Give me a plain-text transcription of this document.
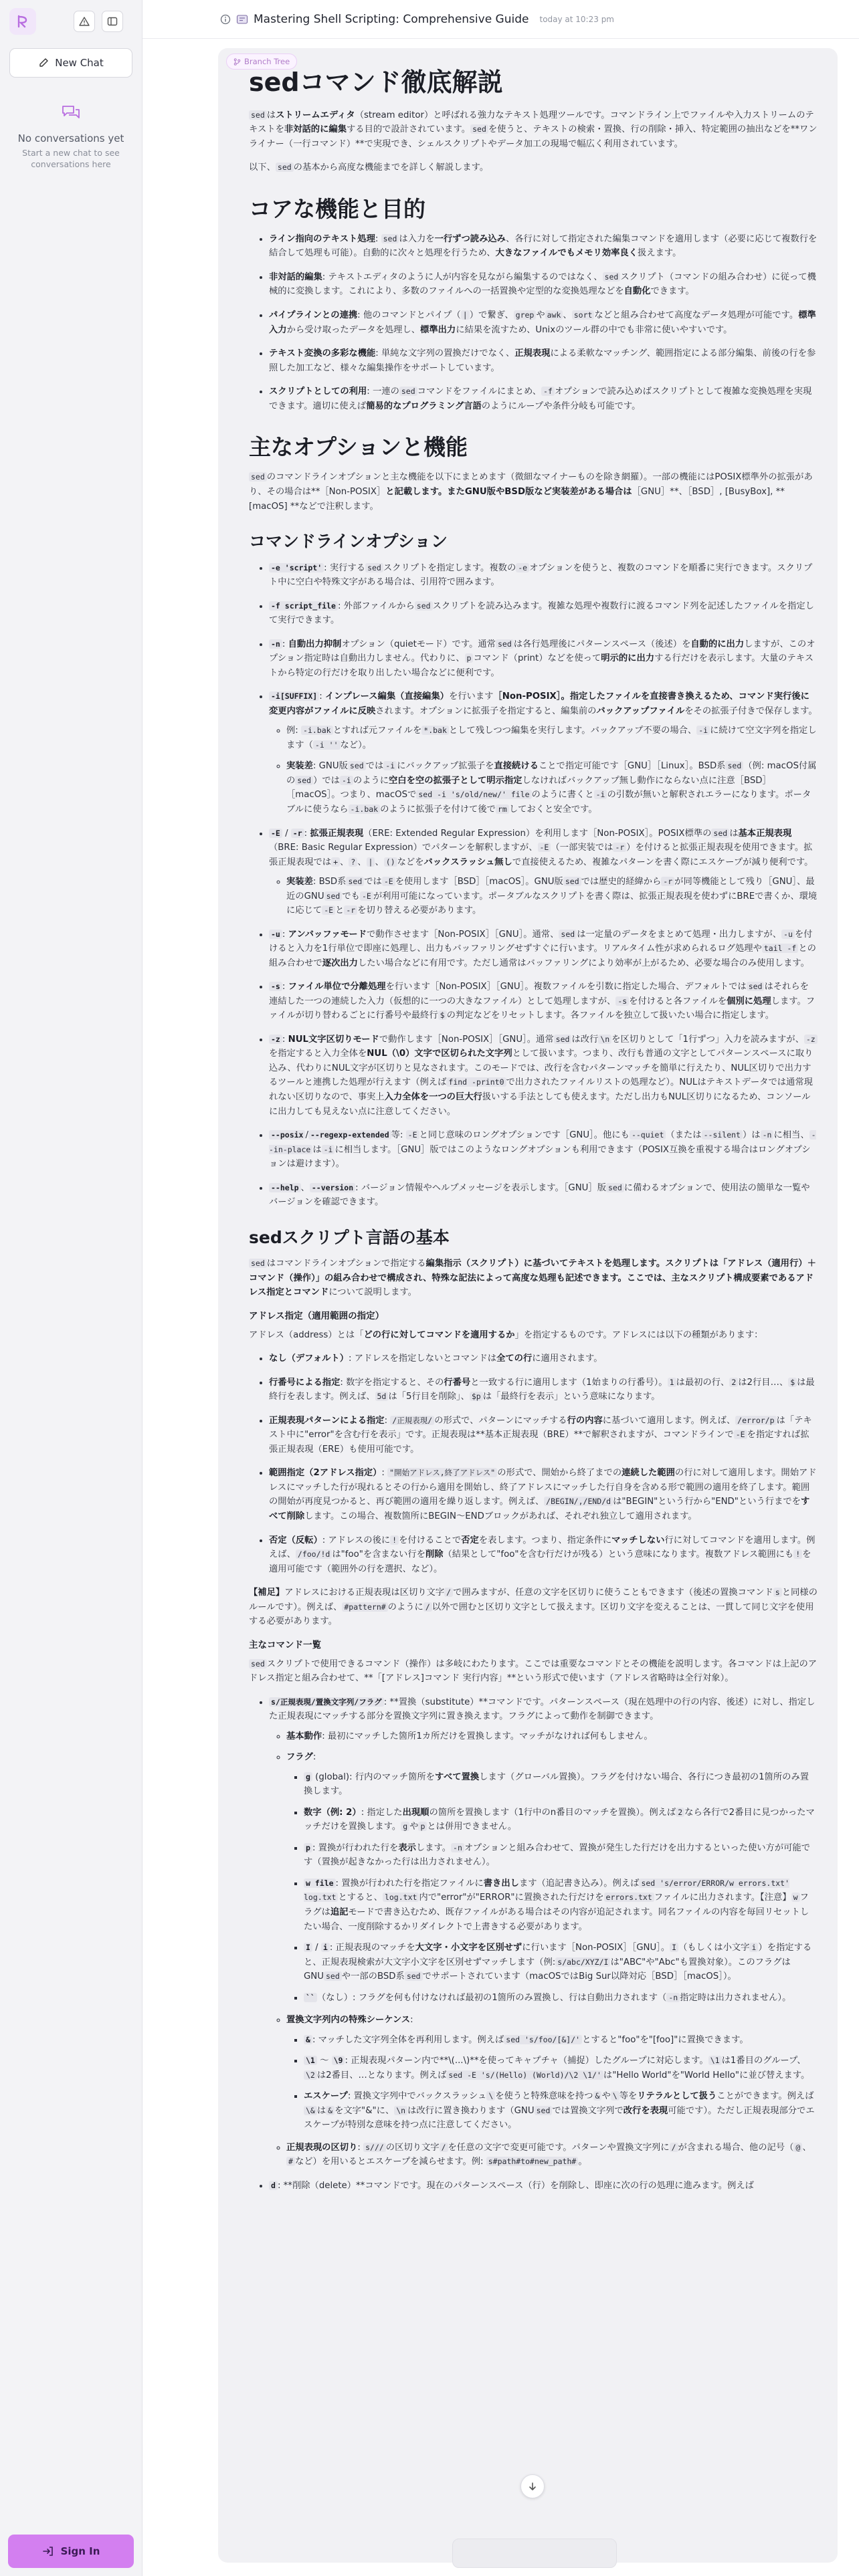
New Chat
No conversations yet
Start a new chat to see conversations here
Sign In
Mastering Shell Scripting: Comprehensive Guide today at 10:23 pm
Branch Tree
sedコマンド徹底解説

sed はストリームエディタ（stream editor）と呼ばれる強力なテキスト処理ツールです。コマンドライン上でファイルや入力ストリームのテキストを非対話的に編集する目的で設計されています。 sed を使うと、テキストの検索・置換、行の削除・挿入、特定範囲の抽出などを**ワンライナー（一行コマンド）**で実現でき、シェルスクリプトやデータ加工の現場で幅広く利用されています。

以下、 sed の基本から高度な機能までを詳しく解説します。

コアな機能と目的
• ライン指向のテキスト処理: sed は入力を一行ずつ読み込み、各行に対して指定された編集コマンドを適用します（必要に応じて複数行を結合して処理も可能）。自動的に次々と処理を行うため、大きなファイルでもメモリ効率良く扱えます。
• 非対話的編集: テキストエディタのように人が内容を見ながら編集するのではなく、 sed スクリプト（コマンドの組み合わせ）に従って機械的に変換します。これにより、多数のファイルへの一括置換や定型的な変換処理などを自動化できます。
• パイプラインとの連携: 他のコマンドとパイプ（ | ）で繋ぎ、 grep や awk 、 sort などと組み合わせて高度なデータ処理が可能です。標準入力から受け取ったデータを処理し、標準出力に結果を流すため、Unixのツール群の中でも非常に使いやすいです。
• テキスト変換の多彩な機能: 単純な文字列の置換だけでなく、正規表現による柔軟なマッチング、範囲指定による部分編集、前後の行を参照した加工など、様々な編集操作をサポートしています。
• スクリプトとしての利用: 一連の sed コマンドをファイルにまとめ、 -f オプションで読み込めばスクリプトとして複雑な変換処理を実現できます。適切に使えば簡易的なプログラミング言語のようにループや条件分岐も可能です。
主なオプションと機能

sed のコマンドラインオプションと主な機能を以下にまとめます（微細なマイナーものを除き網羅）。一部の機能にはPOSIX標準外の拡張があり、その場合は**［Non-POSIX］と記載します。またGNU版やBSD版など実装差がある場合は［GNU］**、［BSD］, [BusyBox], ** [macOS] **などで注釈します。

コマンドラインオプション
• -e 'script' : 実行する sed スクリプトを指定します。複数の -e オプションを使うと、複数のコマンドを順番に実行できます。スクリプト中に空白や特殊文字がある場合は、引用符で囲みます。
• -f script_file : 外部ファイルから sed スクリプトを読み込みます。複雑な処理や複数行に渡るコマンド列を記述したファイルを指定して実行できます。
• -n : 自動出力抑制オプション（quietモード）です。通常 sed は各行処理後にパターンスペース（後述）を自動的に出力しますが、このオプション指定時は自動出力しません。代わりに、 p コマンド（print）などを使って明示的に出力する行だけを表示します。大量のテキストから特定の行だけを取り出したい場合などに便利です。
• -i[SUFFIX] : インプレース編集（直接編集）を行います［Non-POSIX］。指定したファイルを直接書き換えるため、コマンド実行後に変更内容がファイルに反映されます。オプションに拡張子を指定すると、編集前のバックアップファイルをその拡張子付きで保存します。
◦ 例: -i.bak とすれば元ファイルを *.bak として残しつつ編集を実行します。バックアップ不要の場合、 -i に続けて空文字列を指定します（ -i '' など）。
◦ 実装差: GNU版 sed では -i にバックアップ拡張子を直接続けることで指定可能です［GNU］［Linux］。BSD系 sed （例: macOS付属の sed ）では -i のように空白を空の拡張子として明示指定しなければバックアップ無し動作にならない点に注意［BSD］［macOS］。つまり、macOSで sed -i 's/old/new/' file のように書くと -i の引数が無いと解釈されエラーになります。ポータブルに使うなら -i.bak のように拡張子を付けて後で rm しておくと安全です。
• -E / -r : 拡張正規表現（ERE: Extended Regular Expression）を利用します［Non-POSIX］。POSIX標準の sed は基本正規表現（BRE: Basic Regular Expression）でパターンを解釈しますが、 -E （一部実装では -r ）を付けると拡張正規表現を使用できます。拡張正規表現では + 、 ? 、 | 、 () などをバックスラッシュ無しで直接使えるため、複雑なパターンを書く際にエスケープが減り便利です。
◦ 実装差: BSD系 sed では -E を使用します［BSD］［macOS］。GNU版 sed では歴史的経緯から -r が同等機能として残り［GNU］、最近のGNU sed でも -E が利用可能になっています。ポータブルなスクリプトを書く際は、拡張正規表現を使わずにBREで書くか、環境に応じて -E と -r を切り替える必要があります。
• -u : アンバッファモードで動作させます［Non-POSIX］［GNU］。通常、 sed は一定量のデータをまとめて処理・出力しますが、 -u を付けると入力を1行単位で即座に処理し、出力もバッファリングせずすぐに行います。リアルタイム性が求められるログ処理や tail -f との組み合わせで逐次出力したい場合などに有用です。ただし通常はバッファリングにより効率が上がるため、必要な場合のみ使用します。
• -s : ファイル単位で分離処理を行います［Non-POSIX］［GNU］。複数ファイルを引数に指定した場合、デフォルトでは sed はそれらを連結した一つの連続した入力（仮想的に一つの大きなファイル）として処理しますが、 -s を付けると各ファイルを個別に処理します。ファイルが切り替わるごとに行番号や最終行 $ の判定などをリセットします。各ファイルを独立して扱いたい場合に指定します。
• -z : NUL文字区切りモードで動作します［Non-POSIX］［GNU］。通常 sed は改行 \n を区切りとして「1行ずつ」入力を読みますが、 -zを指定すると入力全体をNUL（\0）文字で区切られた文字列として扱います。つまり、改行も普通の文字としてパターンスペースに取り込み、代わりにNUL文字が区切りと見なされます。このモードでは、改行を含むパターンマッチを簡単に行えたり、NUL区切りで出力するツールと連携した処理が行えます（例えば find -print0 で出力されたファイルリストの処理など）。NULはテキストデータでは通常現れない区切りなので、事実上入力全体を一つの巨大行扱いする手法としても使えます。ただし出力もNUL区切りになるため、コンソールに出力しても見えない点に注意してください。
• --posix / --regexp-extended 等: -E と同じ意味のロングオプションです［GNU］。他にも --quiet （または --silent ）は -n に相当、 --in-place は -i に相当します。［GNU］版ではこのようなロングオプションも利用できます（POSIX互換を重視する場合はロングオプションは避けます）。
• --help 、 --version : バージョン情報やヘルプメッセージを表示します。［GNU］版 sed に備わるオプションで、使用法の簡単な一覧やバージョンを確認できます。
sedスクリプト言語の基本

sed はコマンドラインオプションで指定する編集指示（スクリプト）に基づいてテキストを処理します。スクリプトは「アドレス（適用行）＋コマンド（操作）」の組み合わせで構成され、特殊な記法によって高度な処理も記述できます。ここでは、主なスクリプト構成要素であるアドレス指定とコマンドについて説明します。

アドレス指定（適用範囲の指定）

アドレス（address）とは「どの行に対してコマンドを適用するか」を指定するものです。アドレスには以下の種類があります：

• なし（デフォルト）: アドレスを指定しないとコマンドは全ての行に適用されます。
• 行番号による指定: 数字を指定すると、その行番号と一致する行に適用します（1始まりの行番号）。 1 は最初の行、 2 は2行目…、 $ は最終行を表します。例えば、 5d は「5行目を削除」、 $p は「最終行を表示」という意味になります。
• 正規表現パターンによる指定: /正規表現/ の形式で、パターンにマッチする行の内容に基づいて適用します。例えば、 /error/p は「テキスト中に"error"を含む行を表示」です。正規表現は**基本正規表現（BRE）**で解釈されますが、コマンドラインで -E を指定すれば拡張正規表現（ERE）も使用可能です。
• 範囲指定（2アドレス指定）: "開始アドレス,終了アドレス" の形式で、開始から終了までの連続した範囲の行に対して適用します。開始アドレスにマッチした行が現れるとその行から適用を開始し、終了アドレスにマッチした行自身を含める形で範囲の適用を終了します。範囲の開始が再度見つかると、再び範囲の適用を繰り返します。例えば、 /BEGIN/,/END/d は"BEGIN"という行から"END"という行までをすべて削除します。この場合、複数箇所にBEGIN〜ENDブロックがあれば、それぞれ独立して適用されます。
• 否定（反転）: アドレスの後に ! を付けることで否定を表します。つまり、指定条件にマッチしない行に対してコマンドを適用します。例えば、 /foo/!d は"foo"を含まない行を削除（結果として"foo"を含む行だけが残る）という意味になります。複数アドレス範囲にも ! を適用可能です（範囲外の行を選択、など）。

【補足】アドレスにおける正規表現は区切り文字 / で囲みますが、任意の文字を区切りに使うこともできます（後述の置換コマンド s と同様のルールです）。例えば、 #pattern# のように / 以外で囲むと区切り文字として扱えます。区切り文字を変えることは、一貫して同じ文字を使用する必要があります。

主なコマンド一覧

sed スクリプトで使用できるコマンド（操作）は多岐にわたります。ここでは重要なコマンドとその機能を説明します。各コマンドは上記のアドレス指定と組み合わせて、**「[アドレス]コマンド 実行内容」**という形式で使います（アドレス省略時は全行対象）。

• s/正規表現/置換文字列/フラグ : **置換（substitute）**コマンドです。パターンスペース（現在処理中の行の内容、後述）に対し、指定した正規表現にマッチする部分を置換文字列に置き換えます。フラグによって動作を制御できます。
◦ 基本動作: 最初にマッチした箇所1カ所だけを置換します。マッチがなければ何もしません。
◦ フラグ:
▪ g (global): 行内のマッチ箇所をすべて置換します（グローバル置換）。フラグを付けない場合、各行につき最初の1箇所のみ置換します。
▪ 数字（例: 2）: 指定した出現順の箇所を置換します（1行中のn番目のマッチを置換）。例えば 2 なら各行で2番目に見つかったマッチだけを置換します。 g や p とは併用できません。
▪ p : 置換が行われた行を表示します。 -n オプションと組み合わせて、置換が発生した行だけを出力するといった使い方が可能です（置換が起きなかった行は出力されません）。
▪ w file : 置換が行われた行を指定ファイルに書き出します（追記書き込み）。例えば sed 's/error/ERROR/w errors.txt' log.txt とすると、 log.txt 内で"error"が"ERROR"に置換された行だけを errors.txt ファイルに出力されます。【注意】 w フラグは追記モードで書き込むため、既存ファイルがある場合はその内容が追記されます。同名ファイルの内容を毎回リセットしたい場合、一度削除するかリダイレクトで上書きする必要があります。
▪ I / i : 正規表現のマッチを大文字・小文字を区別せずに行います［Non-POSIX］［GNU］。 I （もしくは小文字 i ）を指定すると、正規表現検索が大文字小文字を区別せずマッチします（例: s/abc/XYZ/I は"ABC"や"Abc"も置換対象）。このフラグはGNU sed や一部のBSD系 sed でサポートされています（macOSではBig Sur以降対応［BSD］［macOS］）。
▪ `` （なし）: フラグを何も付けなければ最初の1箇所のみ置換し、行は自動出力されます（ -n 指定時は出力されません）。
◦ 置換文字列内の特殊シーケンス:
▪ & : マッチした文字列全体を再利用します。例えば sed 's/foo/[&]/' とすると"foo"を"[foo]"に置換できます。
▪ \1 ～ \9 : 正規表現パターン内で**\(...\)**を使ってキャプチャ（捕捉）したグループに対応します。 \1 は1番目のグループ、\2 は2番目、…となります。例えば sed -E 's/(Hello) (World)/\2 \1/' は"Hello World"を"World Hello"に並び替えます。
▪ エスケープ: 置換文字列中でバックスラッシュ \ を使うと特殊意味を持つ & や \ 等をリテラルとして扱うことができます。例えば\& は & を文字"&"に、 \n は改行に置き換わります（GNU sed では置換文字列で改行を表現可能です）。ただし正規表現部分でエスケープが特別な意味を持つ点に注意してください。
◦ 正規表現の区切り: s/// の区切り文字 / を任意の文字で変更可能です。パターンや置換文字列に / が含まれる場合、他の記号（ @ 、# など）を用いるとエスケープを減らせます。例: s#path#to#new_path# 。
• d : **削除（delete）**コマンドです。現在のパターンスペース（行）を削除し、即座に次の行の処理に進みます。例えば
